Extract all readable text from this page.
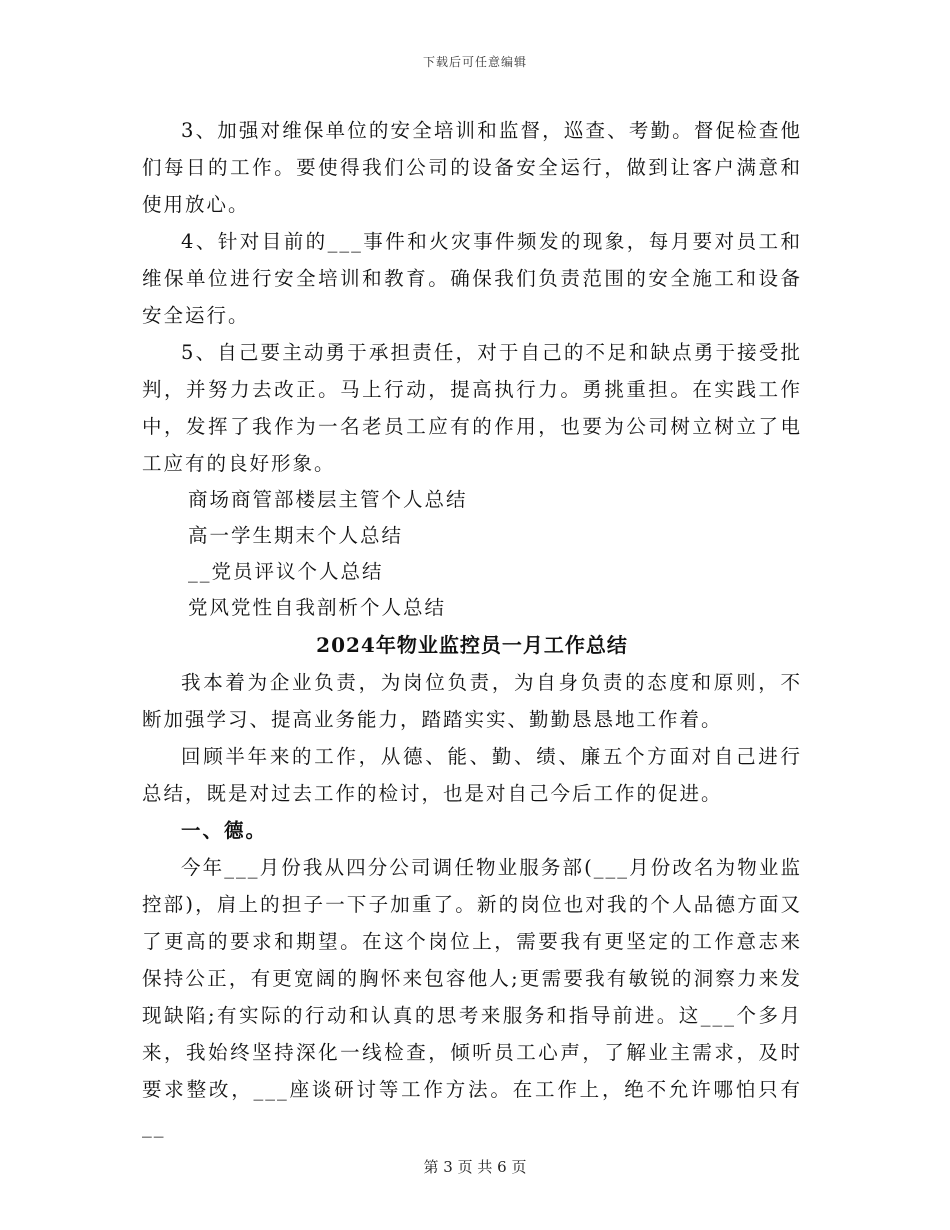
下载后可任意编辑

3、加强对维保单位的安全培训和监督，巡查、考勤。督促检查他们每日的工作。要使得我们公司的设备安全运行，做到让客户满意和使用放心。

4、针对目前的___事件和火灾事件频发的现象，每月要对员工和维保单位进行安全培训和教育。确保我们负责范围的安全施工和设备安全运行。

5、自己要主动勇于承担责任，对于自己的不足和缺点勇于接受批判，并努力去改正。马上行动，提高执行力。勇挑重担。在实践工作中，发挥了我作为一名老员工应有的作用，也要为公司树立树立了电工应有的良好形象。

商场商管部楼层主管个人总结

高一学生期末个人总结

__党员评议个人总结

党风党性自我剖析个人总结

2024年物业监控员一月工作总结

我本着为企业负责，为岗位负责，为自身负责的态度和原则，不断加强学习、提高业务能力，踏踏实实、勤勤恳恳地工作着。

回顾半年来的工作，从德、能、勤、绩、廉五个方面对自己进行总结，既是对过去工作的检讨，也是对自己今后工作的促进。

一、德。

今年___月份我从四分公司调任物业服务部(___月份改名为物业监控部)，肩上的担子一下子加重了。新的岗位也对我的个人品德方面又了更高的要求和期望。在这个岗位上，需要我有更坚定的工作意志来保持公正，有更宽阔的胸怀来包容他人;更需要我有敏锐的洞察力来发现缺陷;有实际的行动和认真的思考来服务和指导前进。这___个多月来，我始终坚持深化一线检查，倾听员工心声，了解业主需求，及时要求整改，___座谈研讨等工作方法。在工作上，绝不允许哪怕只有__

第 3 页 共 6 页
